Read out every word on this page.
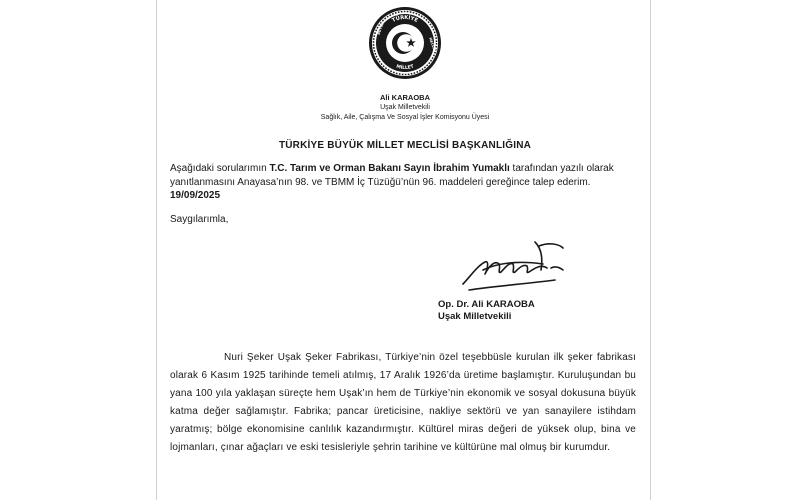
TÜRKİYE
BÜYÜK
MECLİSİ
MİLLET
Ali KARAOBA
Uşak Milletvekili
Sağlık, Aile, Çalışma Ve Sosyal İşler Komisyonu Üyesi
TÜRKİYE BÜYÜK MİLLET MECLİSİ BAŞKANLIĞINA
Aşağıdaki sorularımın T.C. Tarım ve Orman Bakanı Sayın İbrahim Yumaklı tarafından yazılı olarak yanıtlanmasını Anayasa’nın 98. ve TBMM İç Tüzüğü’nün 96. maddeleri gereğince talep ederim.
19/09/2025
Saygılarımla,
Op. Dr. Ali KARAOBA
Uşak Milletvekili
Nuri Şeker Uşak Şeker Fabrikası, Türkiye’nin özel teşebbüsle kurulan ilk şeker fabrikası olarak 6 Kasım 1925 tarihinde temeli atılmış, 17 Aralık 1926’da üretime başlamıştır. Kuruluşundan bu yana 100 yıla yaklaşan süreçte hem Uşak’ın hem de Türkiye’nin ekonomik ve sosyal dokusuna büyük katma değer sağlamıştır. Fabrika; pancar üreticisine, nakliye sektörü ve yan sanayilere istihdam yaratmış; bölge ekonomisine canlılık kazandırmıştır. Kültürel miras değeri de yüksek olup, bina ve lojmanları, çınar ağaçları ve eski tesisleriyle şehrin tarihine ve kültürüne mal olmuş bir kurumdur.
